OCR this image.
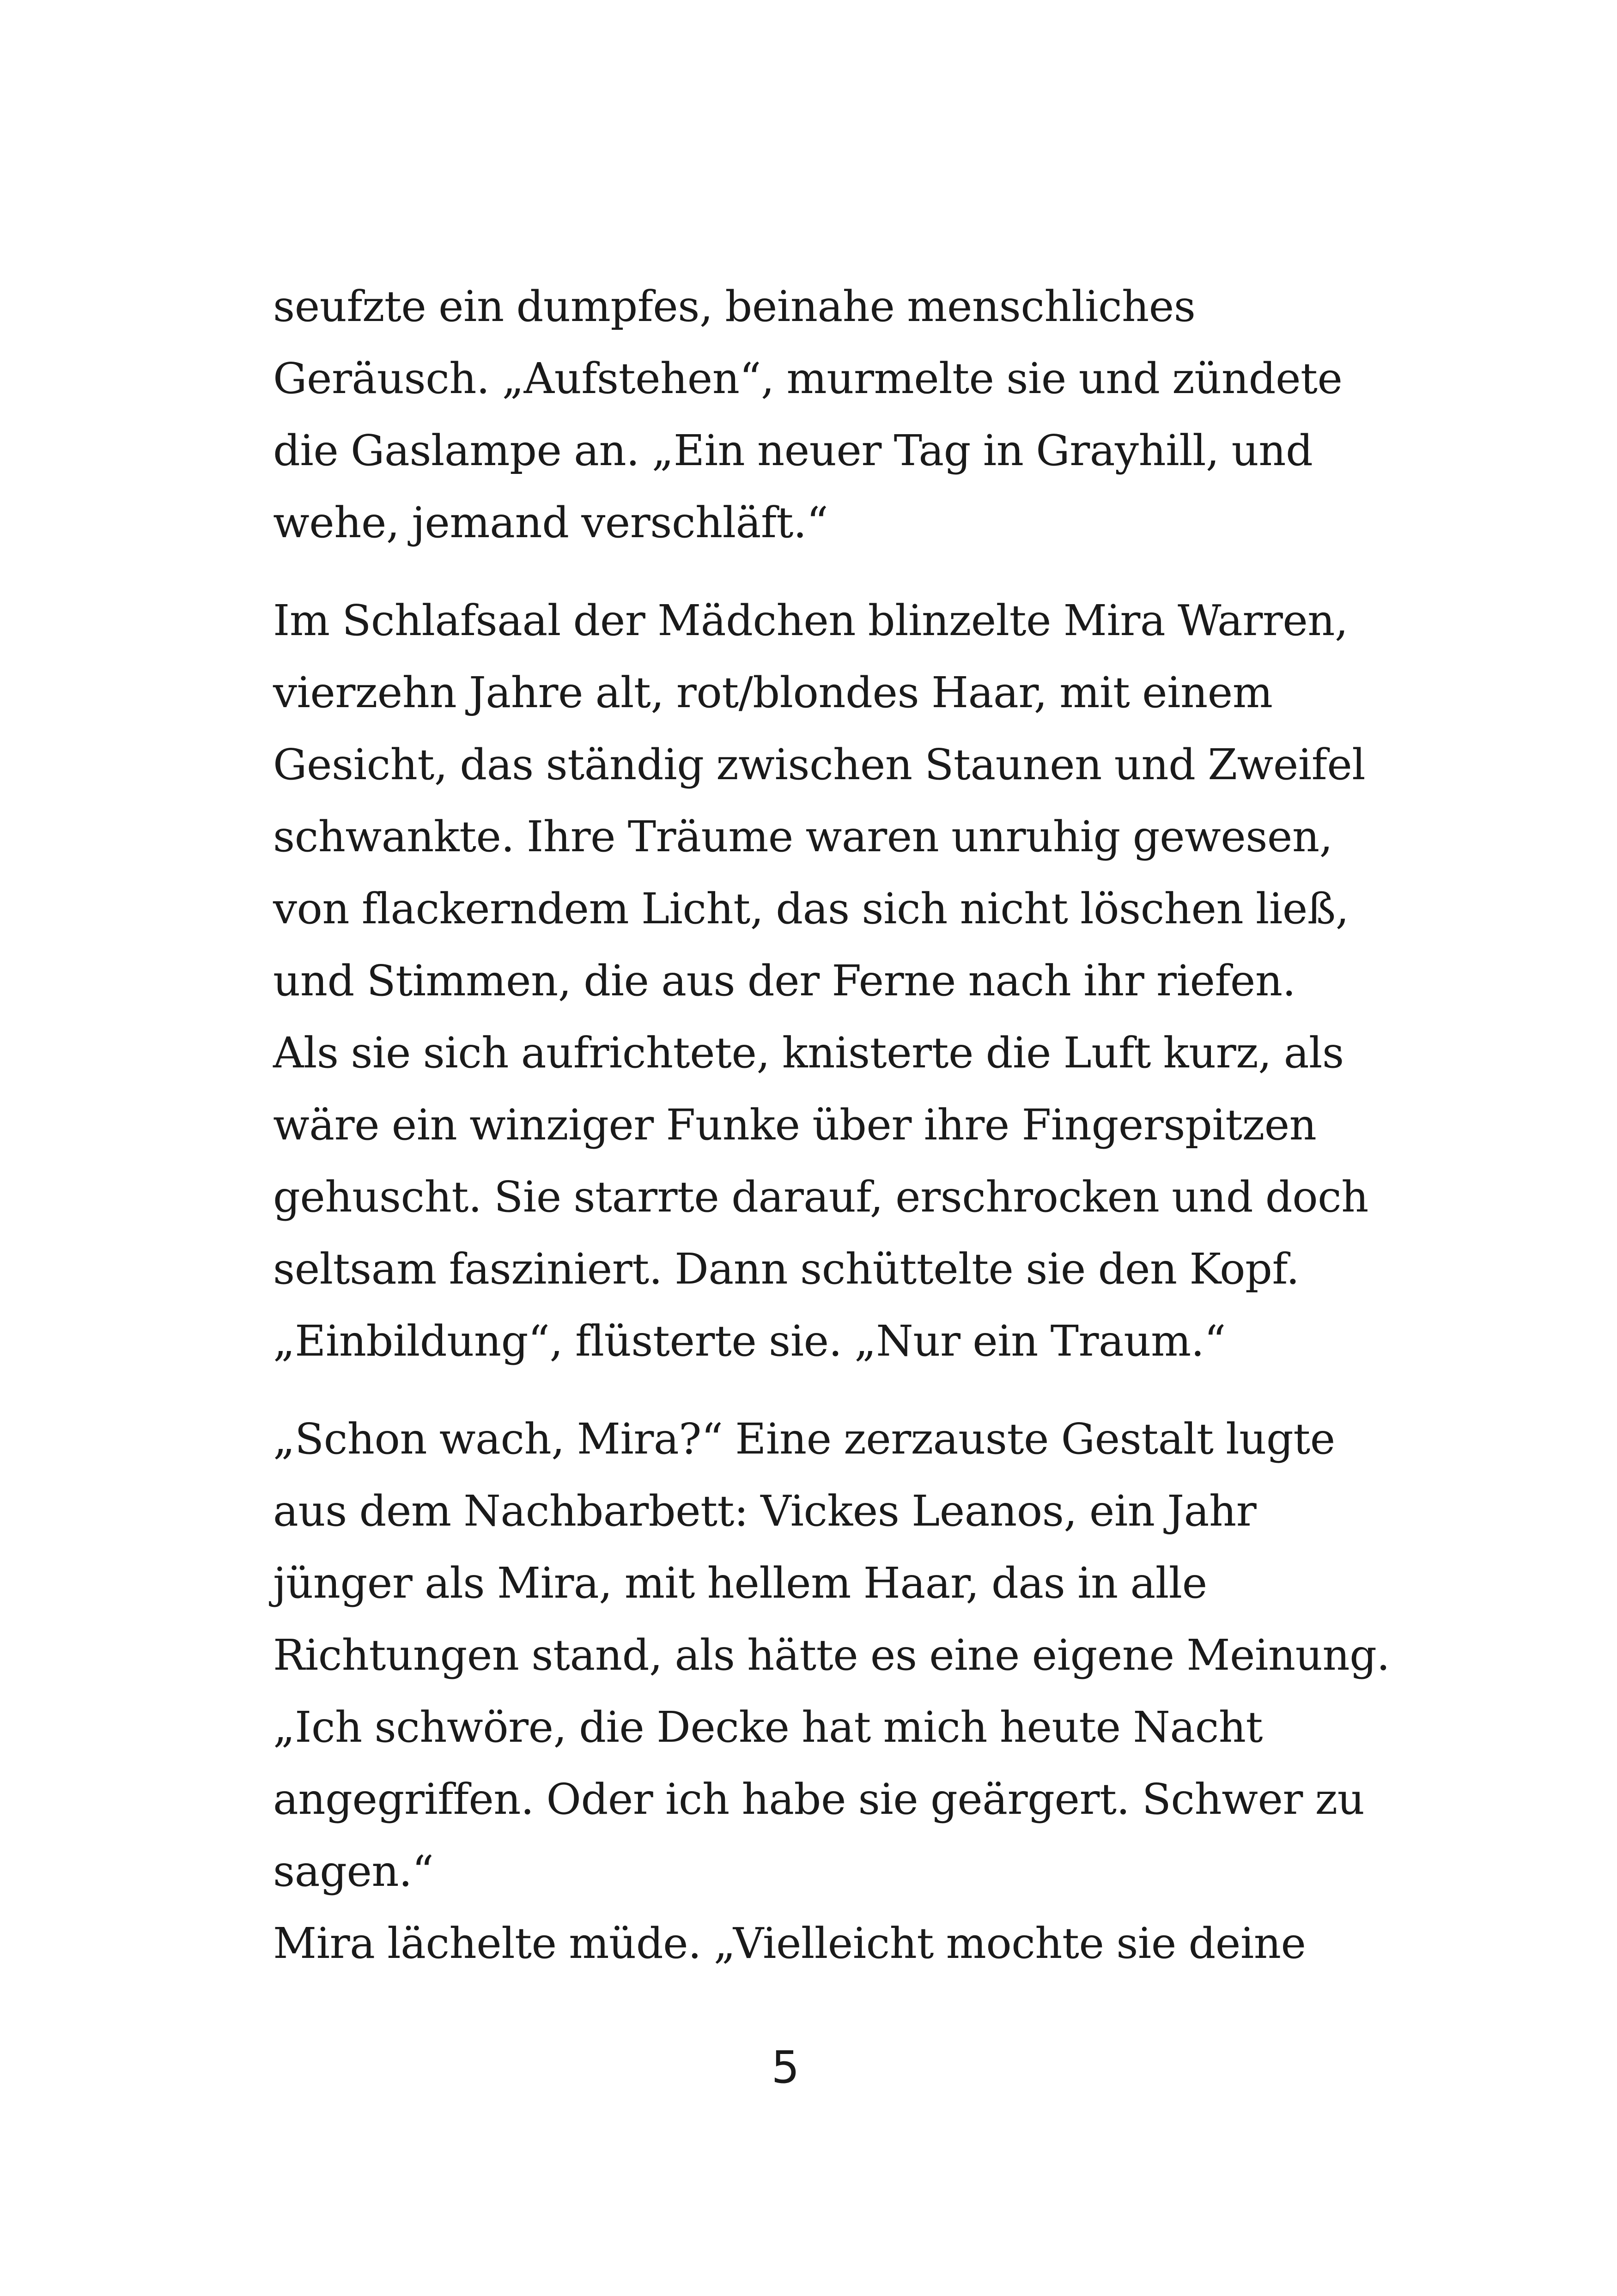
seufzte ein dumpfes, beinahe menschliches
Geräusch. „Aufstehen“, murmelte sie und zündete
die Gaslampe an. „Ein neuer Tag in Grayhill, und
wehe, jemand verschläft.“

Im Schlafsaal der Mädchen blinzelte Mira Warren,
vierzehn Jahre alt, rot/blondes Haar, mit einem
Gesicht, das ständig zwischen Staunen und Zweifel
schwankte. Ihre Träume waren unruhig gewesen,
von flackerndem Licht, das sich nicht löschen ließ,
und Stimmen, die aus der Ferne nach ihr riefen.
Als sie sich aufrichtete, knisterte die Luft kurz, als
wäre ein winziger Funke über ihre Fingerspitzen
gehuscht. Sie starrte darauf, erschrocken und doch
seltsam fasziniert. Dann schüttelte sie den Kopf.
„Einbildung“, flüsterte sie. „Nur ein Traum.“

„Schon wach, Mira?“ Eine zerzauste Gestalt lugte
aus dem Nachbarbett: Vickes Leanos, ein Jahr
jünger als Mira, mit hellem Haar, das in alle
Richtungen stand, als hätte es eine eigene Meinung.
„Ich schwöre, die Decke hat mich heute Nacht
angegriffen. Oder ich habe sie geärgert. Schwer zu
sagen.“

Mira lächelte müde. „Vielleicht mochte sie deine

5
